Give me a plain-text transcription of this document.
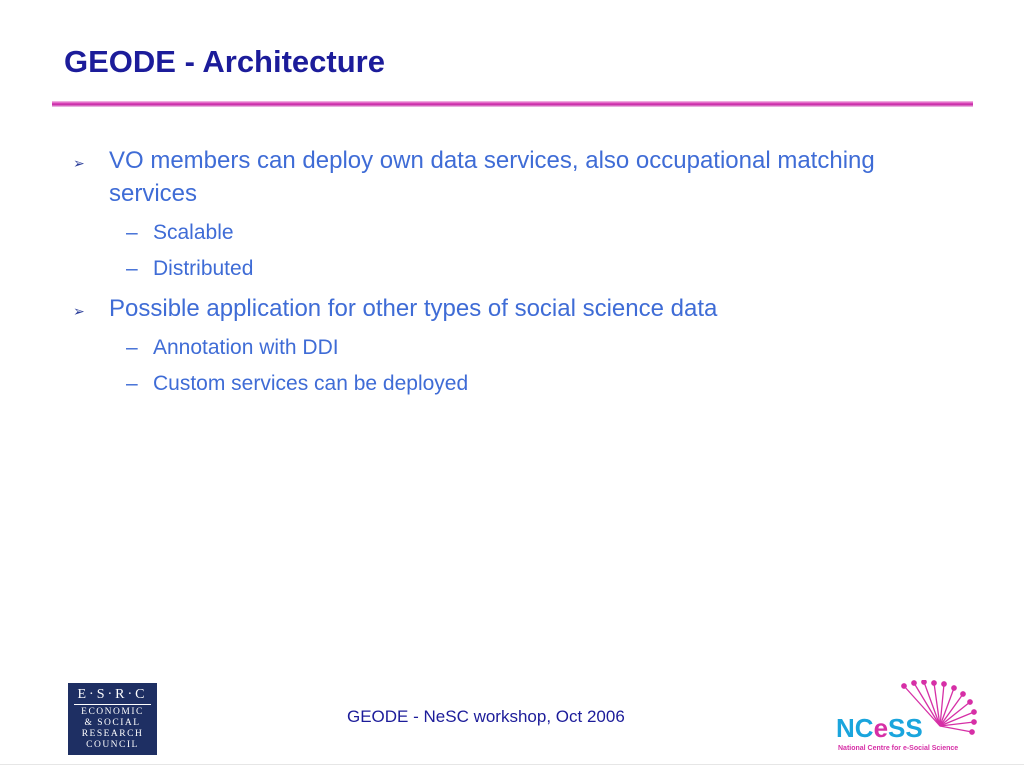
GEODE - Architecture
➢ VO members can deploy own data services, also occupational matching services
– Scalable
– Distributed
➢ Possible application for other types of social science data
– Annotation with DDI
– Custom services can be deployed
E·S·R·C
ECONOMIC
& SOCIAL
RESEARCH
COUNCIL
GEODE - NeSC workshop, Oct 2006	NCeSS
National Centre for e-Social Science
